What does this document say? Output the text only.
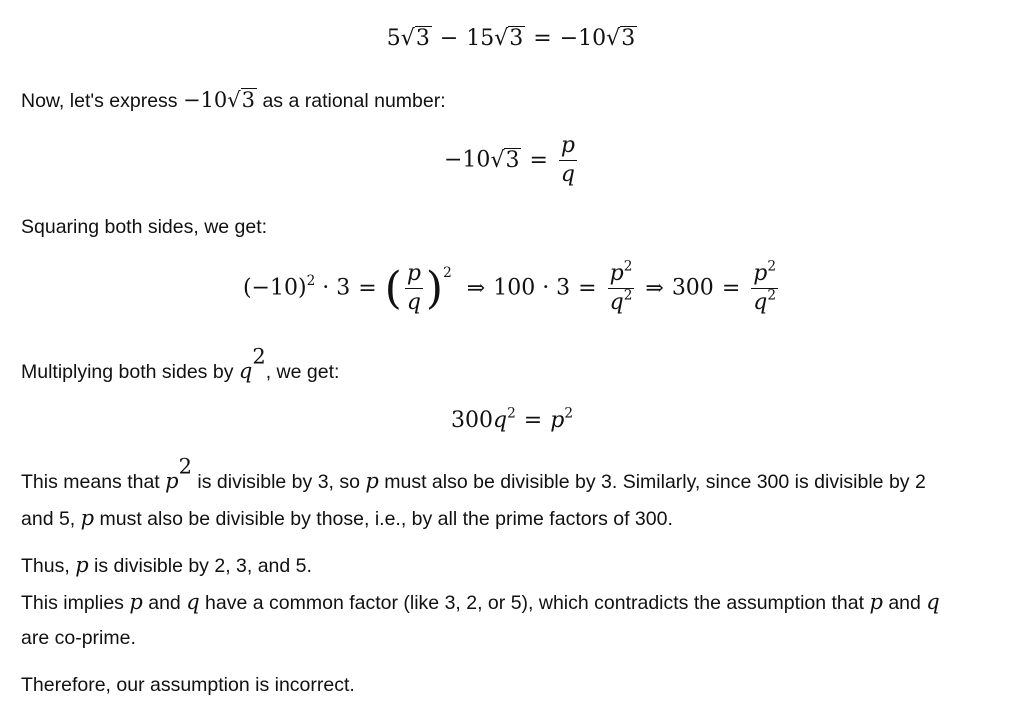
5√3 − 15√3 = −10√3
Now, let's express −10√3 as a rational number:
$-10√3 = \frac{p}{q}$
Squaring both sides, we get:
$(-10)^2 \cdot 3$ = ( $\frac{p}{q} )^2$ ⇒ $100 \cdot 3 = \frac{p^2}{q^2}$ ⇒ $300 = \frac{p^2}{q^2}$
Multiplying both sides by $q^2$, we get:
$300q^2 = p^2$
This means that $p^2$ is divisible by 3, so p must also be divisible by 3. Similarly, since 300 is divisible by 2
and 5, p must also be divisible by those, i.e., by all the prime factors of 300.
Thus, p is divisible by 2, 3, and 5.
This implies p and q have a common factor (like 3, 2, or 5), which contradicts the assumption that p and q
are co-prime.
Therefore, our assumption is incorrect.
